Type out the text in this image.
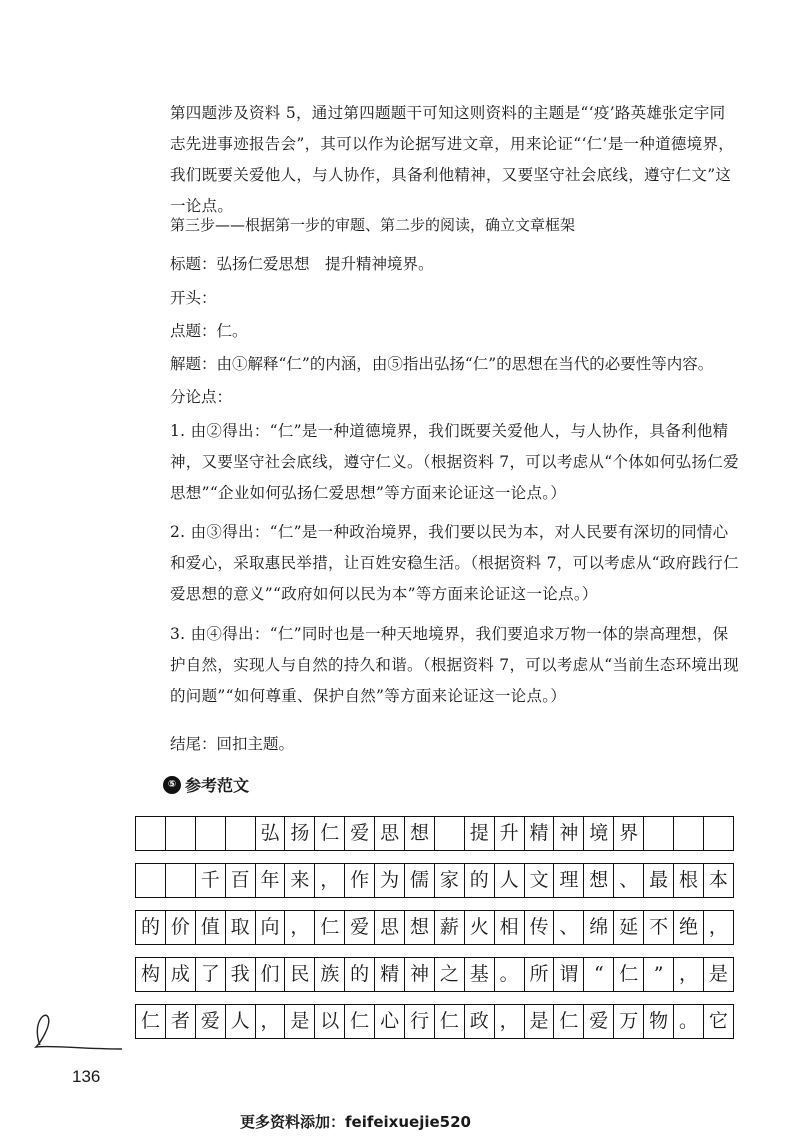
第四题涉及资料 5，通过第四题题干可知这则资料的主题是“‘疫’路英雄张定宇同志先进事迹报告会”，其可以作为论据写进文章，用来论证“‘仁’是一种道德境界，我们既要关爱他人，与人协作，具备利他精神，又要坚守社会底线，遵守仁文”这一论点。

第三步——根据第一步的审题、第二步的阅读，确立文章框架

标题：弘扬仁爱思想　提升精神境界。

开头：

点题：仁。

解题：由①解释“仁”的内涵，由⑤指出弘扬“仁”的思想在当代的必要性等内容。

分论点：

1. 由②得出：“仁”是一种道德境界，我们既要关爱他人，与人协作，具备利他精神，又要坚守社会底线，遵守仁义。（根据资料 7，可以考虑从“个体如何弘扬仁爱思想”“企业如何弘扬仁爱思想”等方面来论证这一论点。）

2. 由③得出：“仁”是一种政治境界，我们要以民为本，对人民要有深切的同情心和爱心，采取惠民举措，让百姓安稳生活。（根据资料 7，可以考虑从“政府践行仁爱思想的意义”“政府如何以民为本”等方面来论证这一论点。）

3. 由④得出：“仁”同时也是一种天地境界，我们要追求万物一体的崇高理想，保护自然，实现人与自然的持久和谐。（根据资料 7，可以考虑从“当前生态环境出现的问题”“如何尊重、保护自然”等方面来论证这一论点。）

结尾：回扣主题。

⑤ 参考范文
				弘	扬	仁	爱	思	想		提	升	精	神	境	界			
		千	百	年	来	，	作	为	儒	家	的	人	文	理	想	、	最	根	本
的	价	值	取	向	，	仁	爱	思	想	薪	火	相	传	、	绵	延	不	绝	，
构	成	了	我	们	民	族	的	精	神	之	基	。	所	谓	“	仁	”	，	是
仁	者	爱	人	，	是	以	仁	心	行	仁	政	，	是	仁	爱	万	物	。	它
136
更多资料添加：feifeixuejie520
